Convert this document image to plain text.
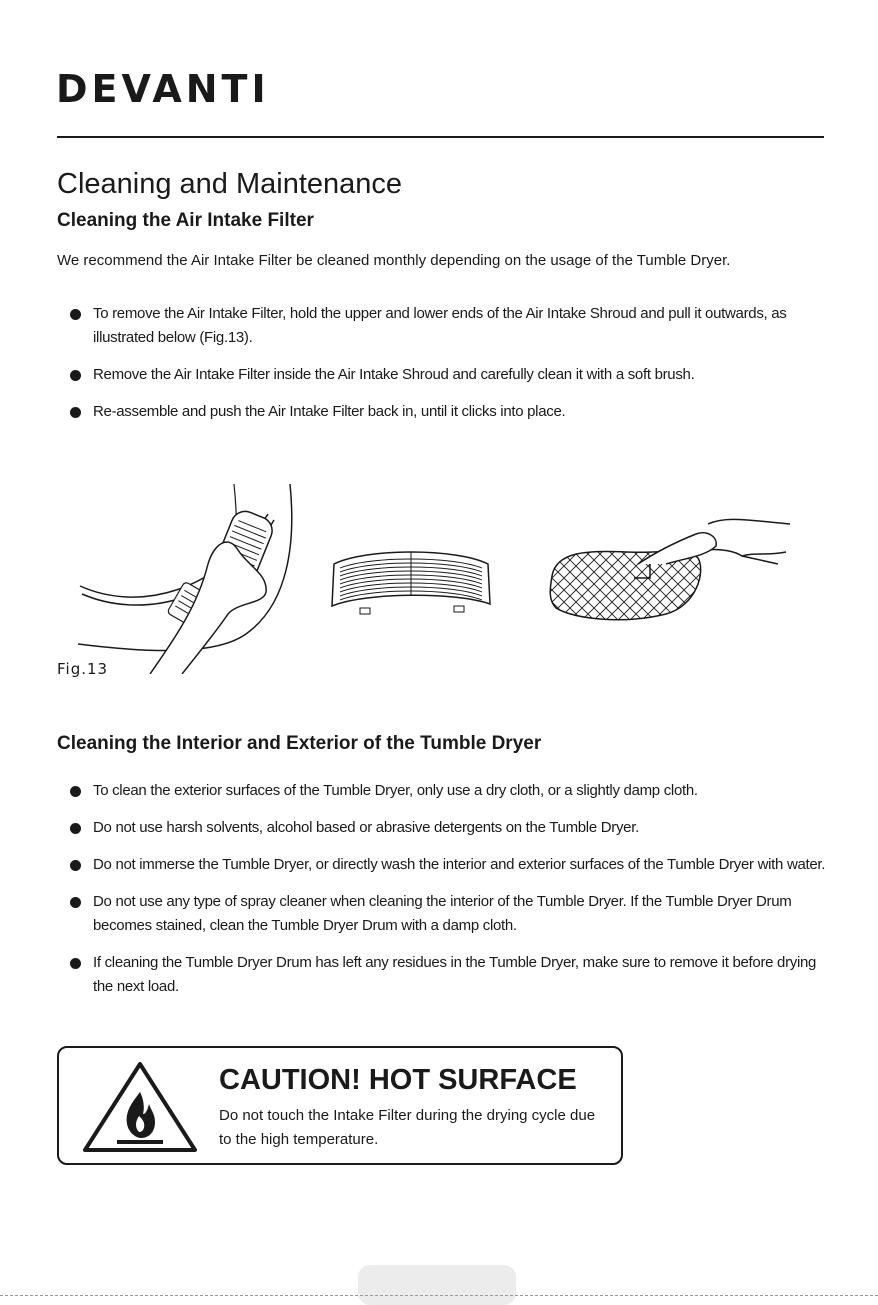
DEVANTI
Cleaning and Maintenance
Cleaning the Air Intake Filter
We recommend the Air Intake Filter be cleaned monthly depending on the usage of the Tumble Dryer.
To remove the Air Intake Filter, hold the upper and lower ends of the Air Intake Shroud and pull it outwards, as illustrated below (Fig.13).
Remove the Air Intake Filter inside the Air Intake Shroud and carefully clean it with a soft brush.
Re-assemble and push the Air Intake Filter back in, until it clicks into place.
Fig.13
Cleaning the Interior and Exterior of the Tumble Dryer
To clean the exterior surfaces of the Tumble Dryer, only use a dry cloth, or a slightly damp cloth.
Do not use harsh solvents, alcohol based or abrasive detergents on the Tumble Dryer.
Do not immerse the Tumble Dryer, or directly wash the interior and exterior surfaces of the Tumble Dryer with water.
Do not use any type of spray cleaner when cleaning the interior of the Tumble Dryer. If the Tumble Dryer Drum becomes stained, clean the Tumble Dryer Drum with a damp cloth.
If cleaning the Tumble Dryer Drum has left any residues in the Tumble Dryer, make sure to remove it before drying the next load.
CAUTION! HOT SURFACE
Do not touch the Intake Filter during the drying cycle due to the high temperature.
